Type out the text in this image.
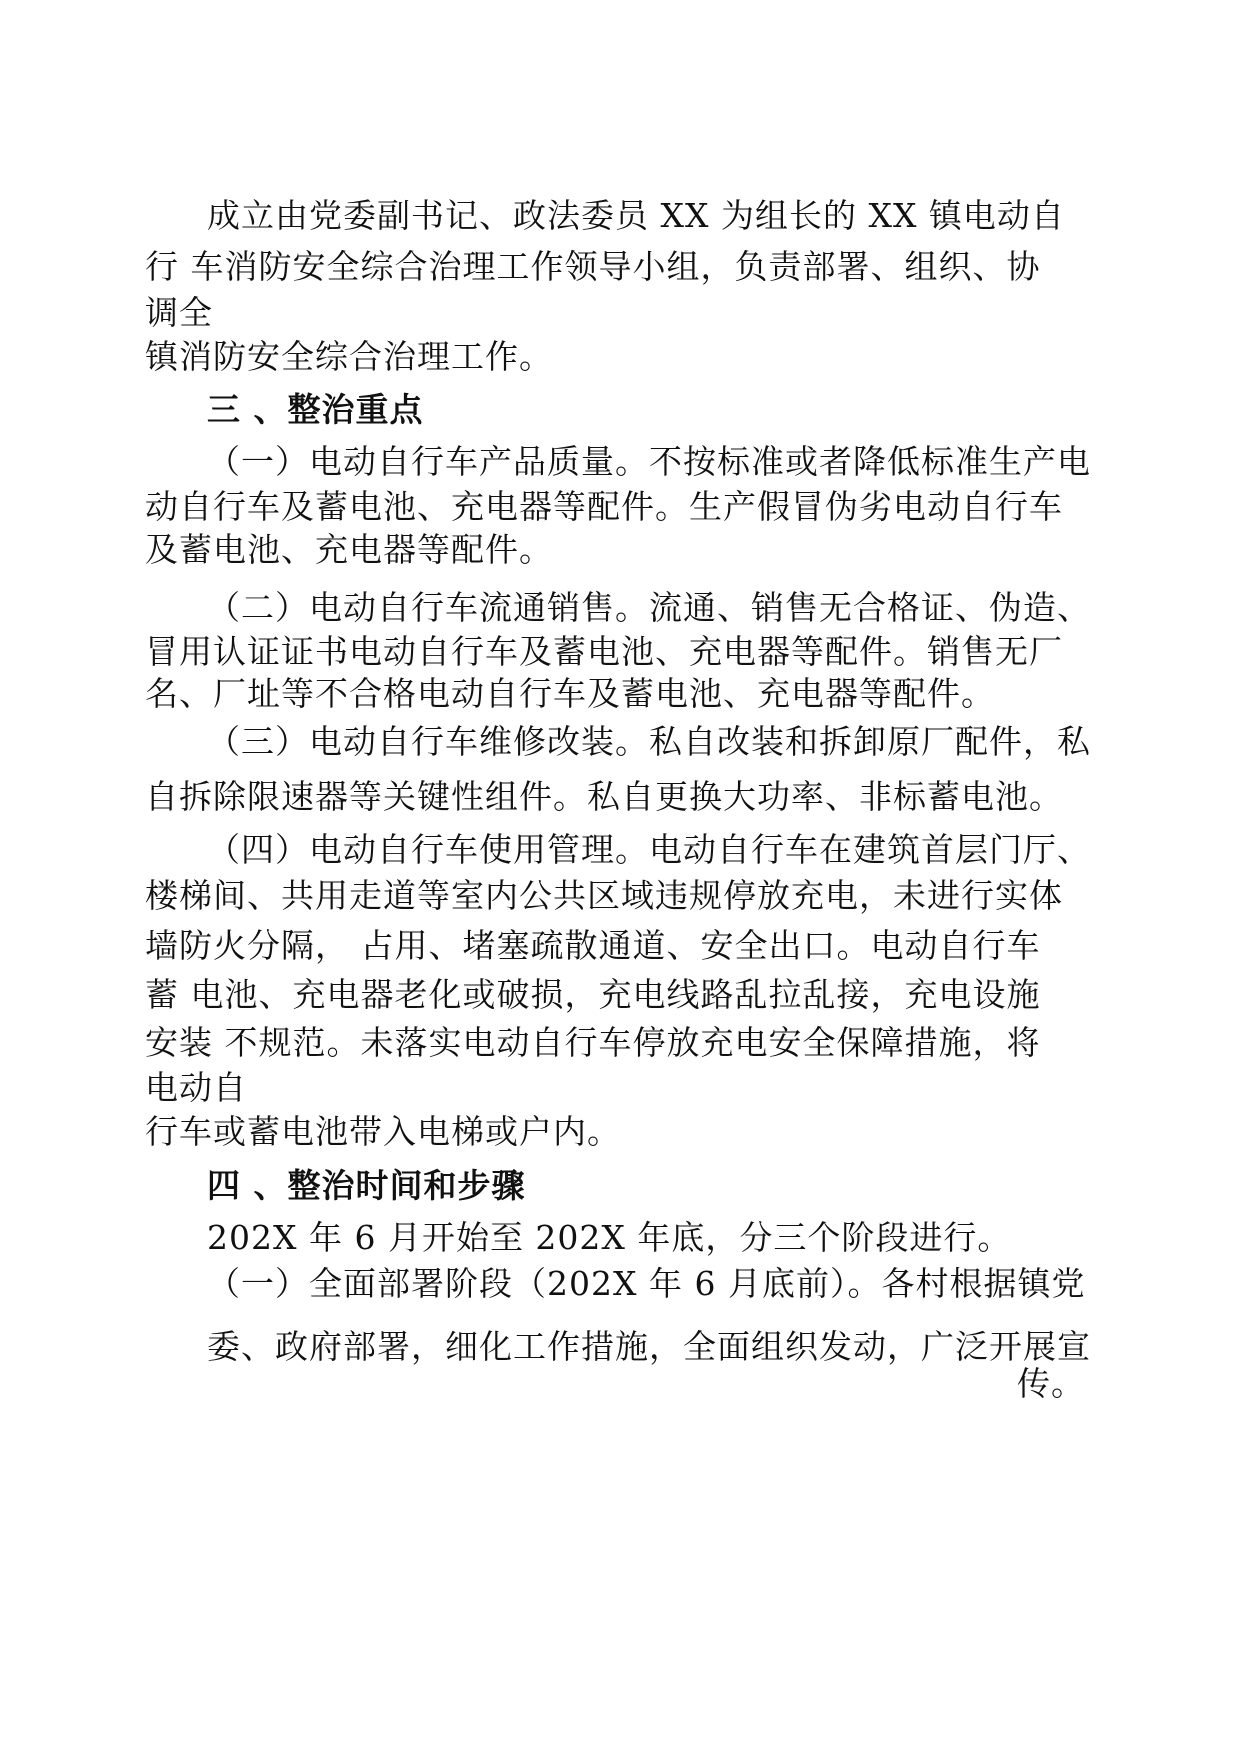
成立由党委副书记、政法委员 XX 为组长的 XX 镇电动自
行 车消防安全综合治理工作领导小组，负责部署、组织、协
调全
镇消防安全综合治理工作。
三 、整治重点
（一）电动自行车产品质量。不按标准或者降低标准生产电
动自行车及蓄电池、充电器等配件。生产假冒伪劣电动自行车
及蓄电池、充电器等配件。
（二）电动自行车流通销售。流通、销售无合格证、伪造、
冒用认证证书电动自行车及蓄电池、充电器等配件。销售无厂
名、厂址等不合格电动自行车及蓄电池、充电器等配件。
（三）电动自行车维修改装。私自改装和拆卸原厂配件，私
自拆除限速器等关键性组件。私自更换大功率、非标蓄电池。
（四）电动自行车使用管理。电动自行车在建筑首层门厅、
楼梯间、共用走道等室内公共区域违规停放充电，未进行实体
墙防火分隔， 占用、堵塞疏散通道、安全出口。电动自行车
蓄 电池、充电器老化或破损，充电线路乱拉乱接，充电设施
安装 不规范。未落实电动自行车停放充电安全保障措施，将
电动自
行车或蓄电池带入电梯或户内。
四 、整治时间和步骤
202X 年 6 月开始至 202X 年底，分三个阶段进行。
（一）全面部署阶段（202X 年 6 月底前）。各村根据镇党
委、政府部署，细化工作措施，全面组织发动，广泛开展宣
传。
